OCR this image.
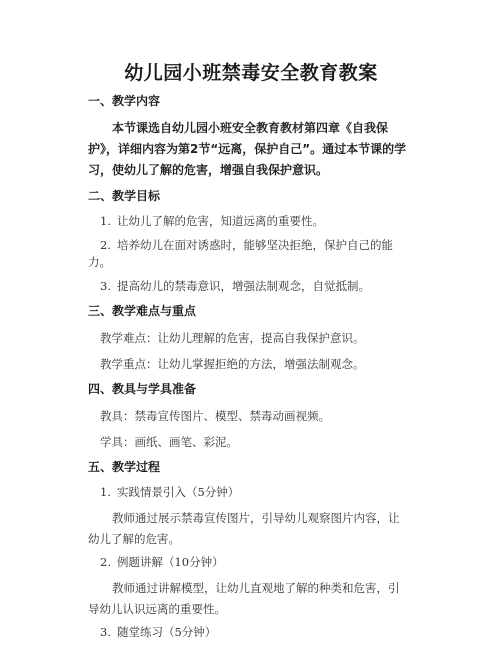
幼儿园小班禁毒安全教育教案
一、教学内容
本节课选自幼儿园小班安全教育教材第四章《自我保护》，详细内容为第2节“远离，保护自己”。通过本节课的学习，使幼儿了解的危害，增强自我保护意识。
二、教学目标
1. 让幼儿了解的危害，知道远离的重要性。
2. 培养幼儿在面对诱惑时，能够坚决拒绝，保护自己的能力。
3. 提高幼儿的禁毒意识，增强法制观念，自觉抵制。
三、教学难点与重点
教学难点：让幼儿理解的危害，提高自我保护意识。
教学重点：让幼儿掌握拒绝的方法，增强法制观念。
四、教具与学具准备
教具：禁毒宣传图片、模型、禁毒动画视频。
学具：画纸、画笔、彩泥。
五、教学过程
1. 实践情景引入（5分钟）
教师通过展示禁毒宣传图片，引导幼儿观察图片内容，让幼儿了解的危害。
2. 例题讲解（10分钟）
教师通过讲解模型，让幼儿直观地了解的种类和危害，引导幼儿认识远离的重要性。
3. 随堂练习（5分钟）
